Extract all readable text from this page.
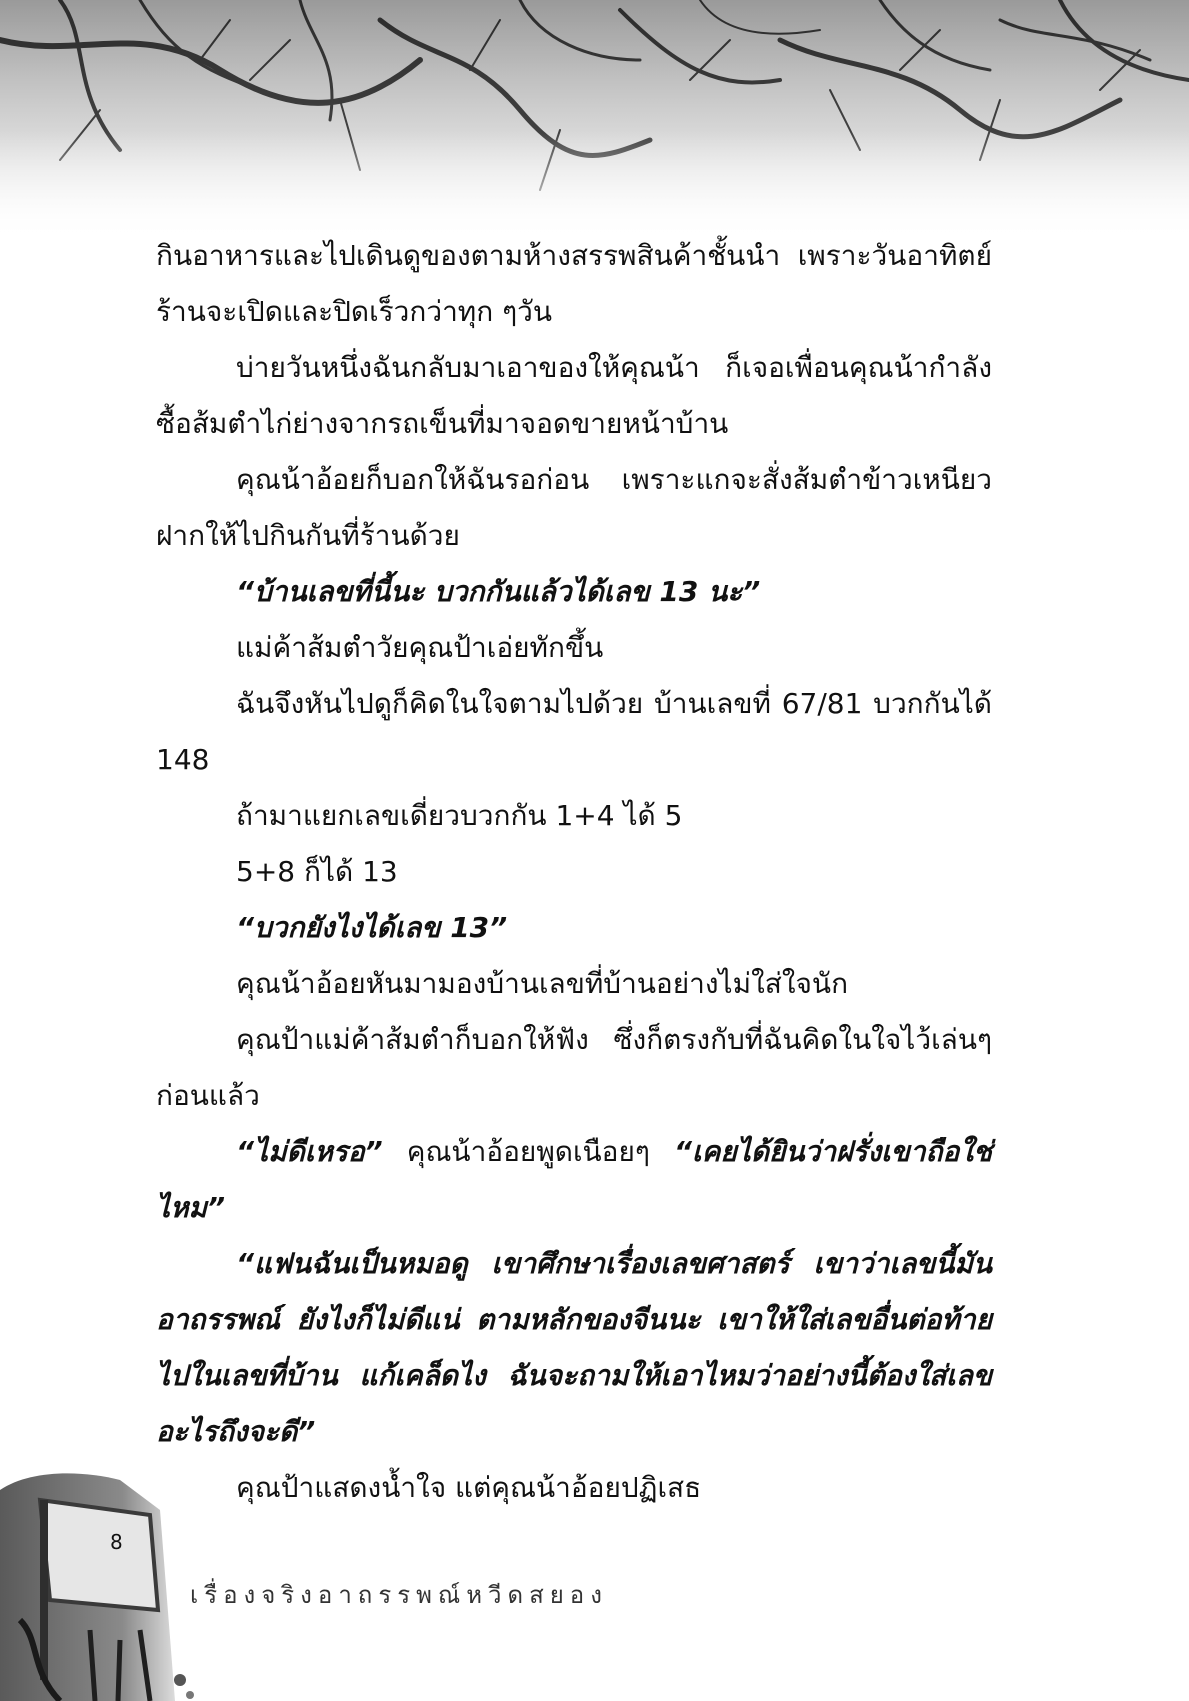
กินอาหารและไปเดินดูของตามห้างสรรพสินค้าชั้นนำ เพราะวันอาทิตย์ร้านจะเปิดและปิดเร็วกว่าทุก ๆวัน

บ่ายวันหนึ่งฉันกลับมาเอาของให้คุณน้า ก็เจอเพื่อนคุณน้ากำลังซื้อส้มตำไก่ย่างจากรถเข็นที่มาจอดขายหน้าบ้าน

คุณน้าอ้อยก็บอกให้ฉันรอก่อน เพราะแกจะสั่งส้มตำข้าวเหนียวฝากให้ไปกินกันที่ร้านด้วย

“บ้านเลขที่นี้นะ บวกกันแล้วได้เลข 13 นะ”

แม่ค้าส้มตำวัยคุณป้าเอ่ยทักขึ้น

ฉันจึงหันไปดูก็คิดในใจตามไปด้วย บ้านเลขที่ 67/81 บวกกันได้ 148

ถ้ามาแยกเลขเดี่ยวบวกกัน 1+4 ได้ 5

5+8 ก็ได้ 13

“บวกยังไงได้เลข 13”

คุณน้าอ้อยหันมามองบ้านเลขที่บ้านอย่างไม่ใส่ใจนัก

คุณป้าแม่ค้าส้มตำก็บอกให้ฟัง ซึ่งก็ตรงกับที่ฉันคิดในใจไว้เล่นๆก่อนแล้ว

“ไม่ดีเหรอ” คุณน้าอ้อยพูดเนือยๆ “เคยได้ยินว่าฝรั่งเขาถือใช่ไหม”

“แฟนฉันเป็นหมอดู เขาศึกษาเรื่องเลขศาสตร์ เขาว่าเลขนี้มันอาถรรพณ์ ยังไงก็ไม่ดีแน่ ตามหลักของจีนนะ เขาให้ใส่เลขอื่นต่อท้ายไปในเลขที่บ้าน แก้เคล็ดไง ฉันจะถามให้เอาไหมว่าอย่างนี้ต้องใส่เลขอะไรถึงจะดี”

คุณป้าแสดงน้ำใจ แต่คุณน้าอ้อยปฏิเสธ

8
เรื่องจริงอาถรรพณ์หวีดสยอง
